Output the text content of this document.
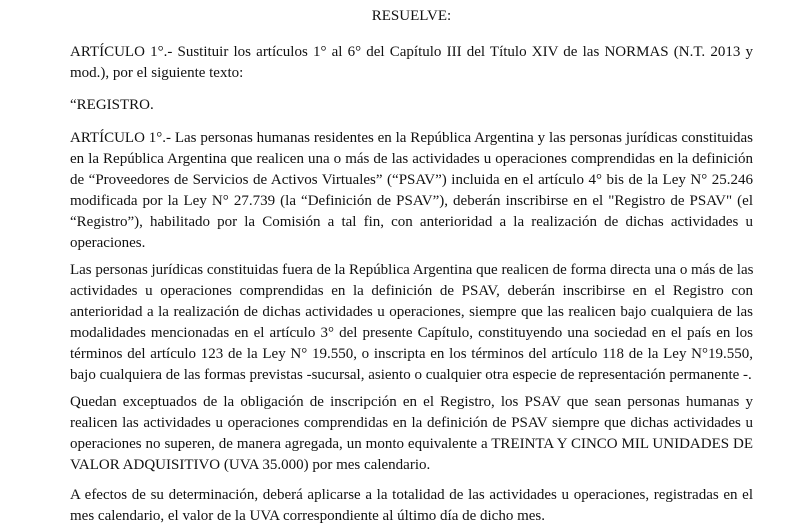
RESUELVE:
ARTÍCULO 1°.- Sustituir los artículos 1° al 6° del Capítulo III del Título XIV de las NORMAS (N.T. 2013 y
mod.), por el siguiente texto:
“REGISTRO.
ARTÍCULO 1°.- Las personas humanas residentes en la República Argentina y las personas jurídicas constituidas
en la República Argentina que realicen una o más de las actividades u operaciones comprendidas en la definición
de “Proveedores de Servicios de Activos Virtuales” (“PSAV”) incluida en el artículo 4° bis de la Ley N° 25.246
modificada por la Ley N° 27.739 (la “Definición de PSAV”), deberán inscribirse en el "Registro de PSAV" (el
“Registro”), habilitado por la Comisión a tal fin, con anterioridad a la realización de dichas actividades u
operaciones.
Las personas jurídicas constituidas fuera de la República Argentina que realicen de forma directa una o más de las
actividades u operaciones comprendidas en la definición de PSAV, deberán inscribirse en el Registro con
anterioridad a la realización de dichas actividades u operaciones, siempre que las realicen bajo cualquiera de las
modalidades mencionadas en el artículo 3° del presente Capítulo, constituyendo una sociedad en el país en los
términos del artículo 123 de la Ley N° 19.550, o inscripta en los términos del artículo 118 de la Ley N°19.550,
bajo cualquiera de las formas previstas -sucursal, asiento o cualquier otra especie de representación permanente -.
Quedan exceptuados de la obligación de inscripción en el Registro, los PSAV que sean personas humanas y
realicen las actividades u operaciones comprendidas en la definición de PSAV siempre que dichas actividades u
operaciones no superen, de manera agregada, un monto equivalente a TREINTA Y CINCO MIL UNIDADES DE
VALOR ADQUISITIVO (UVA 35.000) por mes calendario.
A efectos de su determinación, deberá aplicarse a la totalidad de las actividades u operaciones, registradas en el
mes calendario, el valor de la UVA correspondiente al último día de dicho mes.
